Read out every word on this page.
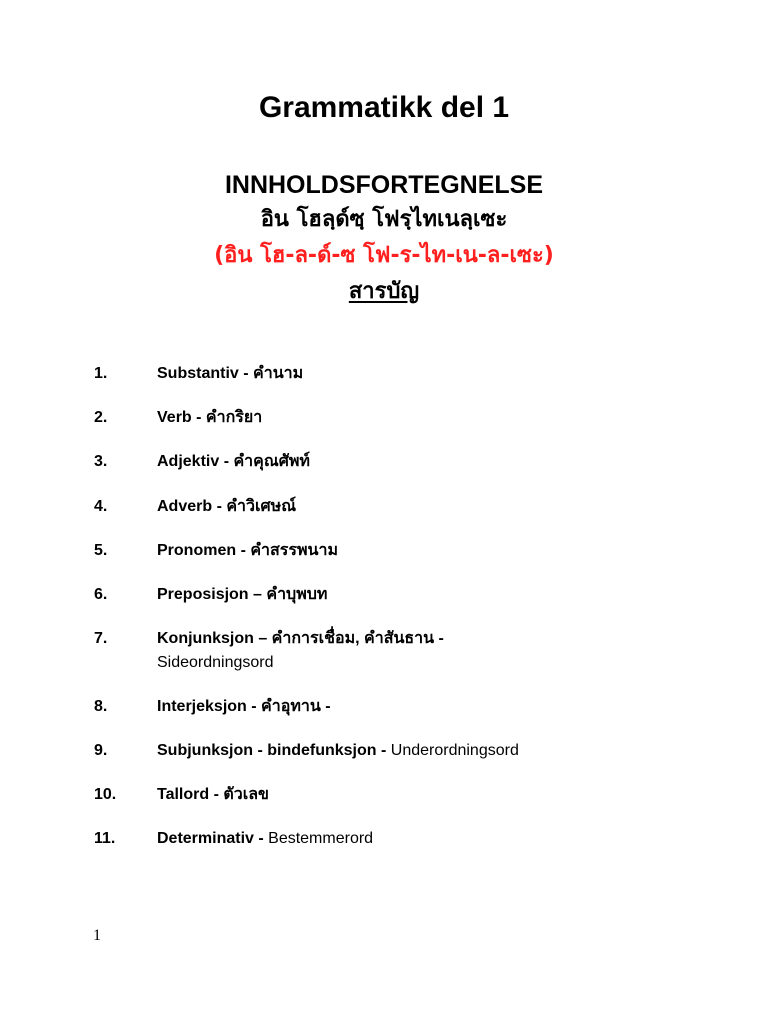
Grammatikk del 1
INNHOLDSFORTEGNELSE
อิน โฮลฺด์ซฺ โฟรฺไทเนลฺเซะ
(อิน โฮ-ล-ด์-ซ โฟ-ร-ไท-เน-ล-เซะ)
สารบัญ
1.	Substantiv - คำนาม
2.	Verb - คำกริยา
3.	Adjektiv - คำคุณศัพท์
4.	Adverb - คำวิเศษณ์
5.	Pronomen - คำสรรพนาม
6.	Preposisjon – คำบุพบท
7.	Konjunksjon – คำการเชื่อม, คำสันธาน -
Sideordningsord
8.	Interjeksjon - คำอุทาน -
9.	Subjunksjon - bindefunksjon - Underordningsord
10.	Tallord - ตัวเลข
11.	Determinativ - Bestemmerord
1
